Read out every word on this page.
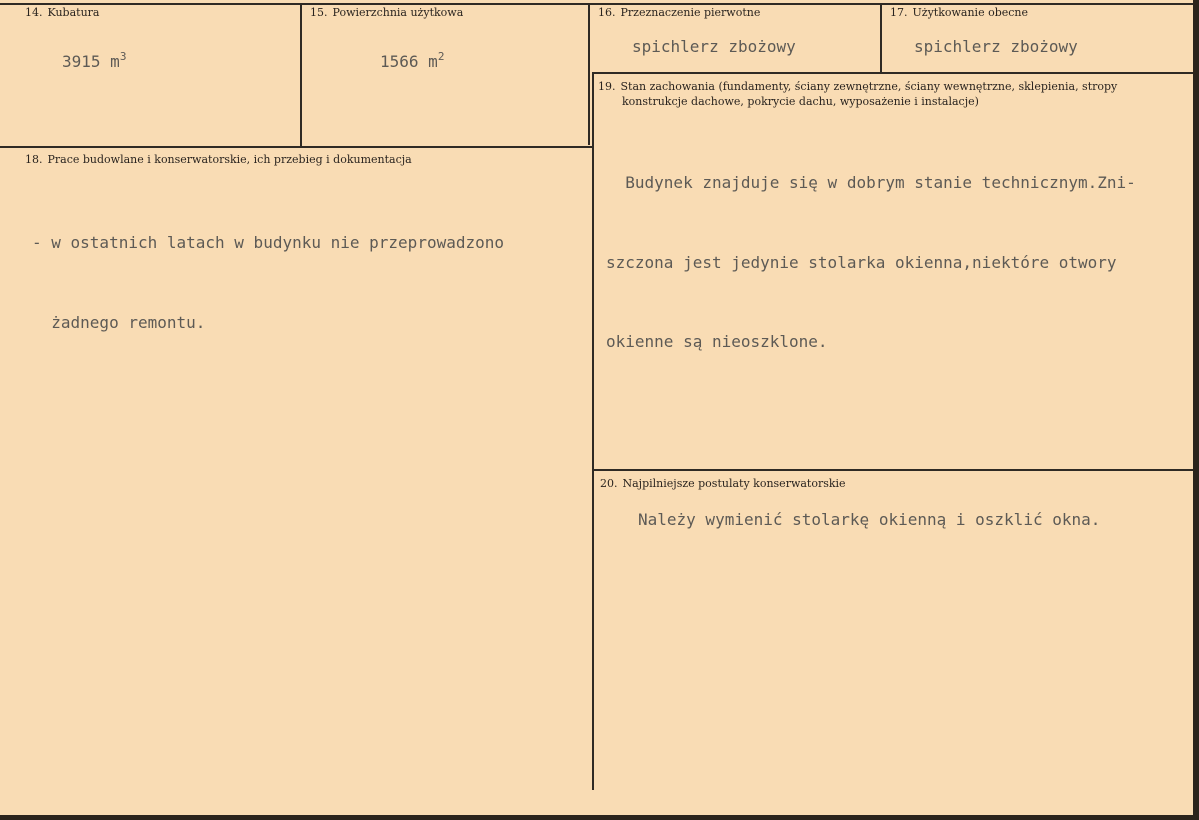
14. Kubatura
3915 $m^3$
15. Powierzchnia użytkowa
1566 $m^2$
16. Przeznaczenie pierwotne
spichlerz zbożowy
17. Użytkowanie obecne
spichlerz zbożowy
19. Stan zachowania (fundamenty, ściany zewnętrzne, ściany wewnętrzne, sklepienia, stropy
konstrukcje dachowe, pokrycie dachu, wyposażenie i instalacje)

Budynek znajduje się w dobrym stanie technicznym.Zni-

szczona jest jedynie stolarka okienna,niektóre otwory

okienne są nieoszklone.

18. Prace budowlane i konserwatorskie, ich przebieg i dokumentacja

- w ostatnich latach w budynku nie przeprowadzono

żadnego remontu.

20. Najpilniejsze postulaty konserwatorskie
Należy wymienić stolarkę okienną i oszklić okna.
